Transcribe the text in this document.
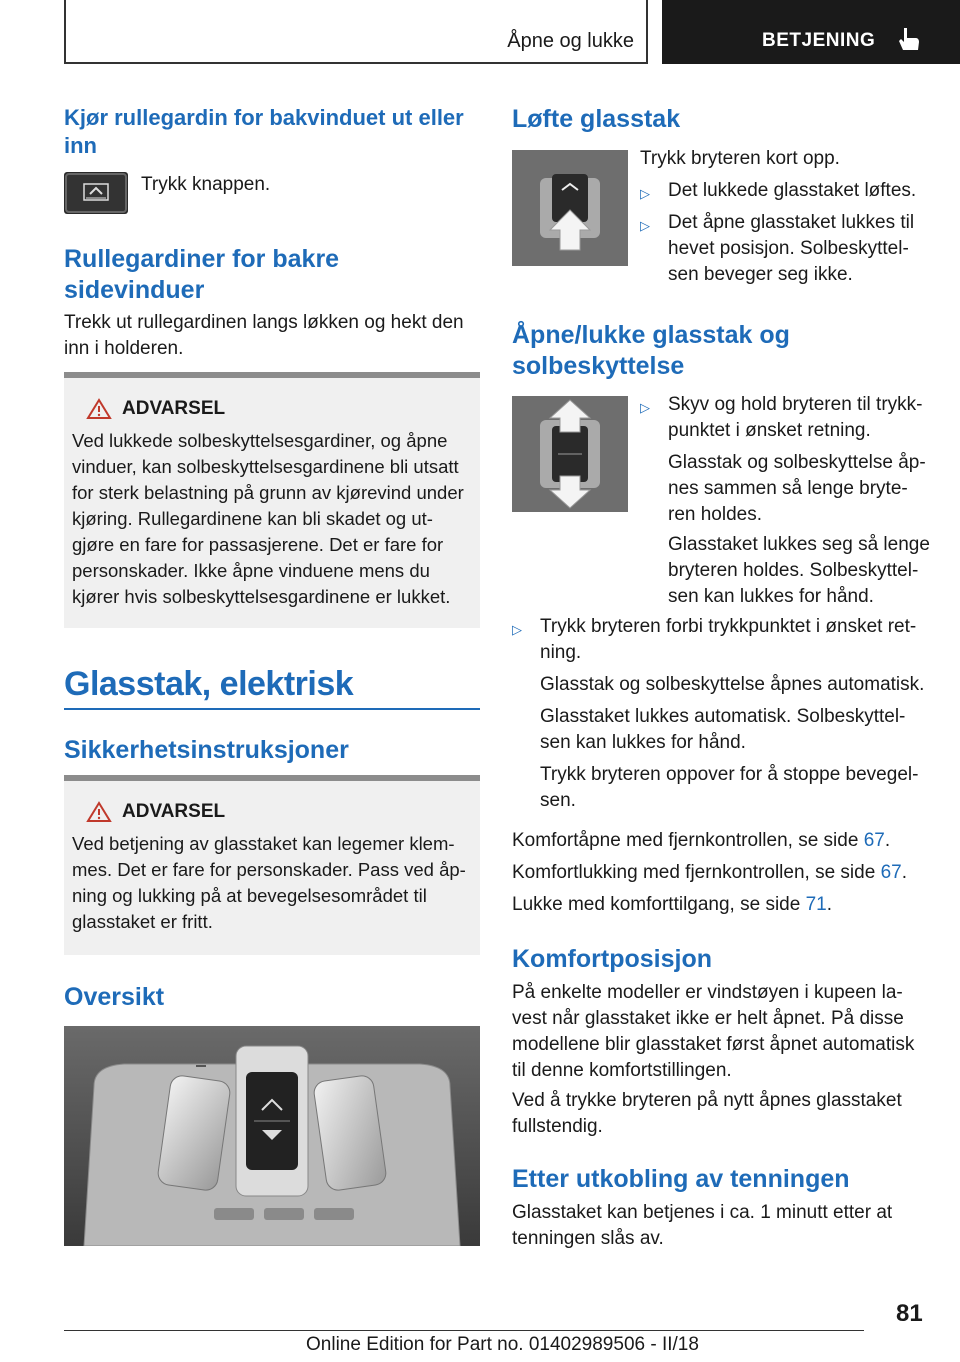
Åpne og lukke	BETJENING
Kjør rullegardin for bakvinduet ut eller inn
Trykk knappen.
Rullegardiner for bakre sidevinduer
Trekk ut rullegardinen langs løkken og hekt den inn i holderen.
ADVARSEL
Ved lukkede solbeskyttelsesgardiner, og åpne vinduer, kan solbeskyttelsesgardinene bli utsatt for sterk belastning på grunn av kjørevind under kjøring. Rullegardinene kan bli skadet og ut-gjøre en fare for passasjerene. Det er fare for personskader. Ikke åpne vinduene mens du kjører hvis solbeskyttelsesgardinene er lukket.
Glasstak, elektrisk
Sikkerhetsinstruksjoner
ADVARSEL
Ved betjening av glasstaket kan legemer klem-mes. Det er fare for personskader. Pass ved åp-ning og lukking på at bevegelsesområdet til glasstaket er fritt.
Oversikt
Løfte glasstak
Trykk bryteren kort opp.
▷ Det lukkede glasstaket løftes.
▷ Det åpne glasstaket lukkes til hevet posisjon. Solbeskyttel-sen beveger seg ikke.
Åpne/lukke glasstak og solbeskyttelse
▷ Skyv og hold bryteren til trykk-punktet i ønsket retning.
Glasstak og solbeskyttelse åp-nes sammen så lenge bryte-ren holdes.
Glasstaket lukkes seg så lenge bryteren holdes. Solbeskyttel-sen kan lukkes for hånd.
▷ Trykk bryteren forbi trykkpunktet i ønsket ret-ning.
Glasstak og solbeskyttelse åpnes automatisk.
Glasstaket lukkes automatisk. Solbeskyttel-sen kan lukkes for hånd.
Trykk bryteren oppover for å stoppe bevegel-sen.
Komfortåpne med fjernkontrollen, se side 67.
Komfortlukking med fjernkontrollen, se side 67.
Lukke med komforttilgang, se side 71.
Komfortposisjon
På enkelte modeller er vindstøyen i kupeen la-vest når glasstaket ikke er helt åpnet. På disse modellene blir glasstaket først åpnet automatisk til denne komfortstillingen.
Ved å trykke bryteren på nytt åpnes glasstaket fullstendig.
Etter utkobling av tenningen
Glasstaket kan betjenes i ca. 1 minutt etter at tenningen slås av.
81
Online Edition for Part no. 01402989506 - II/18
